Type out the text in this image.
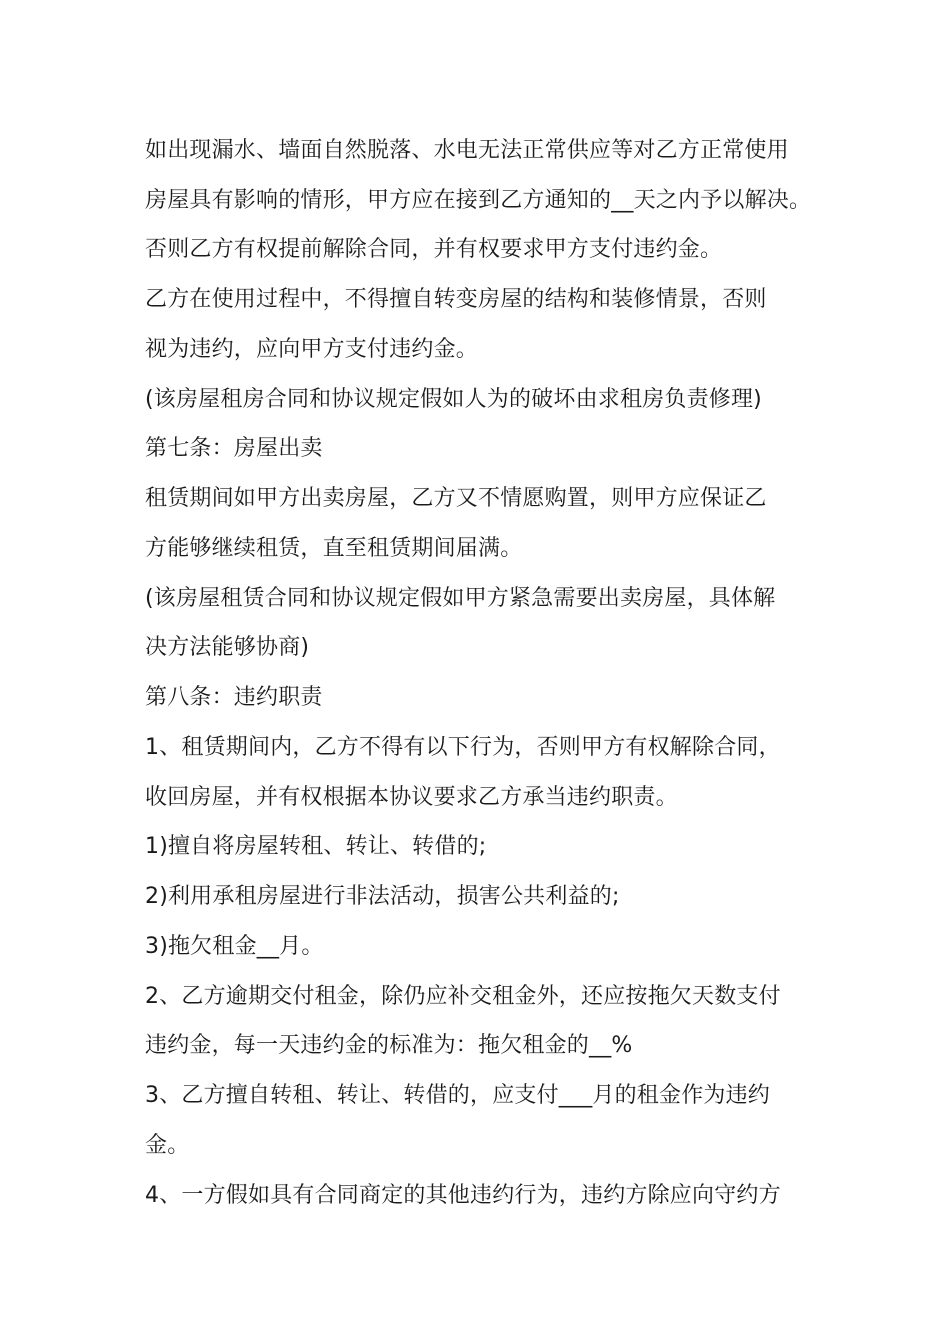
如出现漏水、墙面自然脱落、水电无法正常供应等对乙方正常使用
房屋具有影响的情形，甲方应在接到乙方通知的__天之内予以解决。
否则乙方有权提前解除合同，并有权要求甲方支付违约金。
乙方在使用过程中，不得擅自转变房屋的结构和装修情景，否则
视为违约，应向甲方支付违约金。
(该房屋租房合同和协议规定假如人为的破坏由求租房负责修理)
第七条：房屋出卖
租赁期间如甲方出卖房屋，乙方又不情愿购置，则甲方应保证乙
方能够继续租赁，直至租赁期间届满。
(该房屋租赁合同和协议规定假如甲方紧急需要出卖房屋，具体解
决方法能够协商)
第八条：违约职责
1、租赁期间内，乙方不得有以下行为，否则甲方有权解除合同，
收回房屋，并有权根据本协议要求乙方承当违约职责。
1)擅自将房屋转租、转让、转借的;
2)利用承租房屋进行非法活动，损害公共利益的;
3)拖欠租金__月。
2、乙方逾期交付租金，除仍应补交租金外，还应按拖欠天数支付
违约金，每一天违约金的标准为：拖欠租金的__%
3、乙方擅自转租、转让、转借的，应支付___月的租金作为违约
金。
4、一方假如具有合同商定的其他违约行为，违约方除应向守约方
